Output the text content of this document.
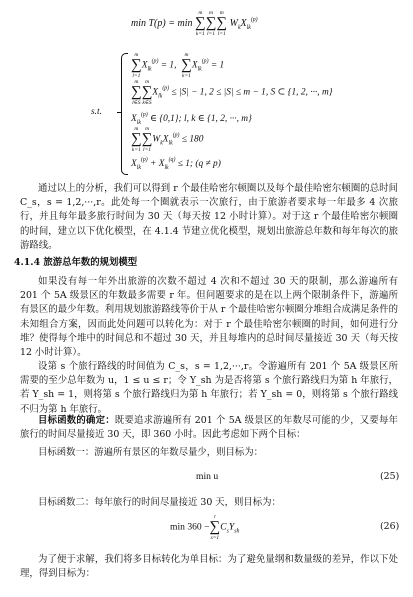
min T(p) = min
m
∑
k=1
m
∑
l=1
m
∑
l=1
$W_kX_{lk}^{(p)}$
s.t.
m
∑
l=1
$X_{lk}^{(p)} = 1$,
m
∑
k=1
$X_{lk}^{(p)} = 1$
m
∑
l∈S
m
∑
k∈S
$X_{lk}^{(p)} \le |S| - 1$, 2 ≤ |S| ≤ m − 1, S ⊂ {1, 2, ···, m}
$X_{lk}^{(p)}$ ∈ {0,1}; l, k ∈ {1, 2, ···, m}
m
∑
k=1
m
∑
l=1
$W_kX_{lk}^{(p)} \le 180$
$X_{lk}^{(p)} + X_{lk}^{(q)} \le 1$; (q ≠ p)

通过以上的分析，我们可以得到 r 个最佳哈密尔顿圈以及每个最佳哈密尔顿圈的总时间 C_s，s = 1,2,···,r。此处每一个圈就表示一次旅行，由于旅游者要求每一年最多 4 次旅行，并且每年最多旅行时间为 30 天（每天按 12 小时计算）。对于这 r 个最佳哈密尔顿圈的时间，建立以下优化模型，在 4.1.4 节建立优化模型，规划出旅游总年数和每年每次的旅游路线。

4.1.4 旅游总年数的规划模型

如果没有每一年外出旅游的次数不超过 4 次和不超过 30 天的限制，那么游遍所有 201 个 5A 级景区的年数最多需要 r 年。但问题要求的是在以上两个限制条件下，游遍所有景区的最少年数。利用规划旅游路线等价于从 r 个最佳哈密尔顿圈分堆组合成满足条件的未知组合方案，因而此处问题可以转化为：对于 r 个最佳哈密尔顿圈的时间，如何进行分堆？使得每个堆中的时间总和不超过 30 天，并且每堆内的总时间尽量接近 30 天（每天按 12 小时计算）。

设第 s 个旅行路线的时间值为 C_s，s = 1,2,···,r。令游遍所有 201 个 5A 级景区所需要的至少总年数为 u，1 ≤ u ≤ r；令 Y_sh 为是否将第 s 个旅行路线归为第 h 年旅行，若 Y_sh = 1，则将第 s 个旅行路线归为第 h 年旅行；若 Y_sh = 0，则将第 s 个旅行路线不归为第 h 年旅行。

目标函数的确定：既要追求游遍所有 201 个 5A 级景区的年数尽可能的少，又要每年旅行的时间尽量接近 30 天，即 360 小时。因此考虑如下两个目标：

目标函数一：游遍所有景区的年数尽量少，则目标为：
min u	(25)
目标函数二：每年旅行的时间尽量接近 30 天，则目标为：
min 360 −
r
∑
s=1
$C_sY_{sh}$	(26)

为了便于求解，我们将多目标转化为单目标：为了避免量纲和数量级的差异，作以下处理，得到目标为：
